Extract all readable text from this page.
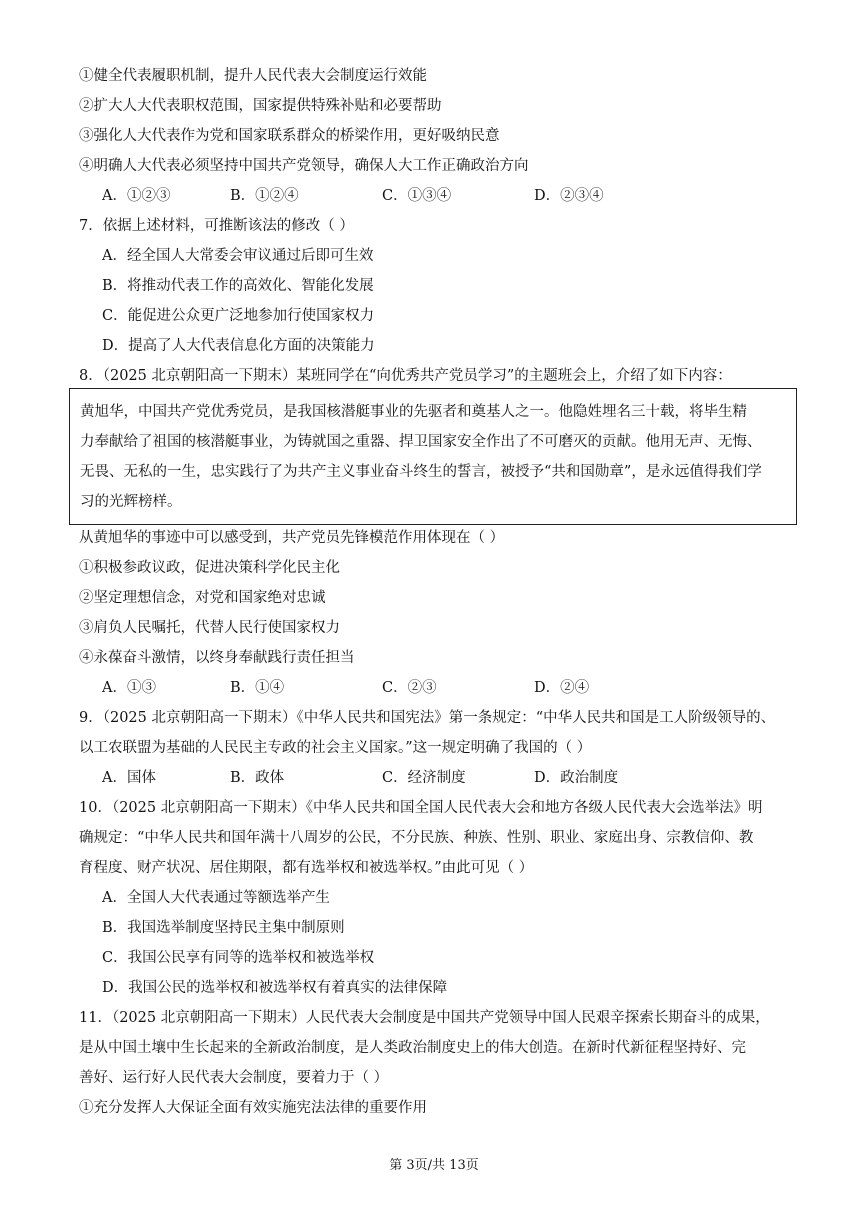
①健全代表履职机制，提升人民代表大会制度运行效能
②扩大人大代表职权范围，国家提供特殊补贴和必要帮助
③强化人大代表作为党和国家联系群众的桥梁作用，更好吸纳民意
④明确人大代表必须坚持中国共产党领导，确保人大工作正确政治方向
A．①②③	B．①②④	C．①③④	D．②③④
7．依据上述材料，可推断该法的修改（ ）
A．经全国人大常委会审议通过后即可生效
B．将推动代表工作的高效化、智能化发展
C．能促进公众更广泛地参加行使国家权力
D．提高了人大代表信息化方面的决策能力
8．（2025 北京朝阳高一下期末）某班同学在“向优秀共产党员学习”的主题班会上，介绍了如下内容：
黄旭华，中国共产党优秀党员，是我国核潜艇事业的先驱者和奠基人之一。他隐姓埋名三十载，将毕生精
力奉献给了祖国的核潜艇事业，为铸就国之重器、捍卫国家安全作出了不可磨灭的贡献。他用无声、无悔、
无畏、无私的一生，忠实践行了为共产主义事业奋斗终生的誓言，被授予“共和国勋章”，是永远值得我们学
习的光辉榜样。
从黄旭华的事迹中可以感受到，共产党员先锋模范作用体现在（ ）
①积极参政议政，促进决策科学化民主化
②坚定理想信念，对党和国家绝对忠诚
③肩负人民嘱托，代替人民行使国家权力
④永葆奋斗激情，以终身奉献践行责任担当
A．①③	B．①④	C．②③	D．②④
9．（2025 北京朝阳高一下期末）《中华人民共和国宪法》第一条规定：“中华人民共和国是工人阶级领导的、
以工农联盟为基础的人民民主专政的社会主义国家。”这一规定明确了我国的（ ）
A．国体	B．政体	C．经济制度	D．政治制度
10．（2025 北京朝阳高一下期末）《中华人民共和国全国人民代表大会和地方各级人民代表大会选举法》明
确规定：“中华人民共和国年满十八周岁的公民，不分民族、种族、性别、职业、家庭出身、宗教信仰、教
育程度、财产状况、居住期限，都有选举权和被选举权。”由此可见（ ）
A．全国人大代表通过等额选举产生
B．我国选举制度坚持民主集中制原则
C．我国公民享有同等的选举权和被选举权
D．我国公民的选举权和被选举权有着真实的法律保障
11．（2025 北京朝阳高一下期末）人民代表大会制度是中国共产党领导中国人民艰辛探索长期奋斗的成果，
是从中国土壤中生长起来的全新政治制度，是人类政治制度史上的伟大创造。在新时代新征程坚持好、完
善好、运行好人民代表大会制度，要着力于（ ）
①充分发挥人大保证全面有效实施宪法法律的重要作用
第 3页/共 13页
